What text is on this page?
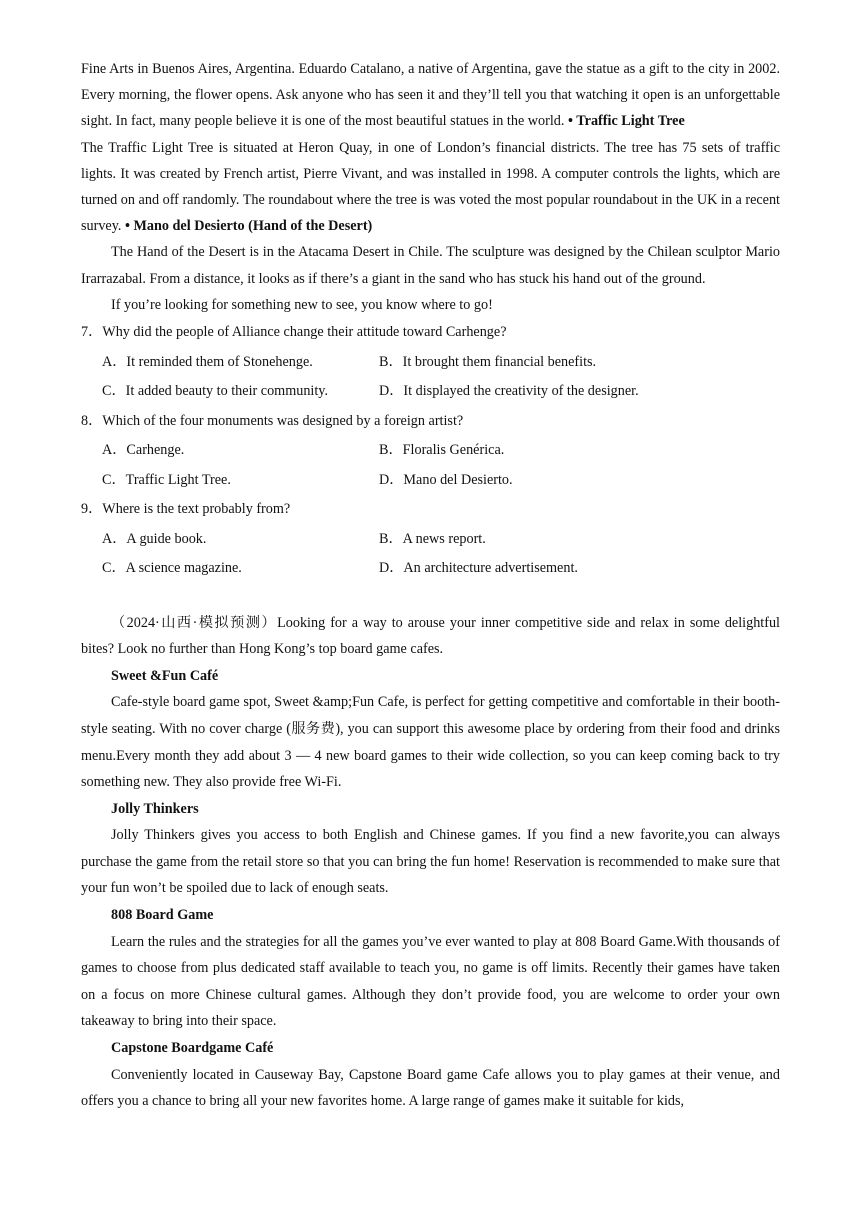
Fine Arts in Buenos Aires, Argentina. Eduardo Catalano, a native of Argentina, gave the statue as a gift to the city in 2002. Every morning, the flower opens. Ask anyone who has seen it and they’ll tell you that watching it open is an unforgettable sight. In fact, many people believe it is one of the most beautiful statues in the world. • Traffic Light Tree

The Traffic Light Tree is situated at Heron Quay, in one of London’s financial districts. The tree has 75 sets of traffic lights. It was created by French artist, Pierre Vivant, and was installed in 1998. A computer controls the lights, which are turned on and off randomly. The roundabout where the tree is was voted the most popular roundabout in the UK in a recent survey. • Mano del Desierto (Hand of the Desert)

The Hand of the Desert is in the Atacama Desert in Chile. The sculpture was designed by the Chilean sculptor Mario Irarrazabal. From a distance, it looks as if there’s a giant in the sand who has stuck his hand out of the ground.

If you’re looking for something new to see, you know where to go!

7．Why did the people of Alliance change their attitude toward Carhenge?

A．It reminded them of Stonehenge.	B．It brought them financial benefits.
C．It added beauty to their community.	D．It displayed the creativity of the designer.

8．Which of the four monuments was designed by a foreign artist?

A．Carhenge.	B．Floralis Genérica.
C．Traffic Light Tree.	D．Mano del Desierto.

9．Where is the text probably from?

A．A guide book.	B．A news report.
C．A science magazine.	D．An architecture advertisement.

（2024·山西·模拟预测）Looking for a way to arouse your inner competitive side and relax in some delightful bites? Look no further than Hong Kong’s top board game cafes.

Sweet &Fun Café

Cafe-style board game spot, Sweet &amp;Fun Cafe, is perfect for getting competitive and comfortable in their booth-style seating. With no cover charge (服务费), you can support this awesome place by ordering from their food and drinks menu.Every month they add about 3 — 4 new board games to their wide collection, so you can keep coming back to try something new. They also provide free Wi-Fi.

Jolly Thinkers

Jolly Thinkers gives you access to both English and Chinese games. If you find a new favorite,you can always purchase the game from the retail store so that you can bring the fun home! Reservation is recommended to make sure that your fun won’t be spoiled due to lack of enough seats.

808 Board Game

Learn the rules and the strategies for all the games you’ve ever wanted to play at 808 Board Game.With thousands of games to choose from plus dedicated staff available to teach you, no game is off limits. Recently their games have taken on a focus on more Chinese cultural games. Although they don’t provide food, you are welcome to order your own takeaway to bring into their space.

Capstone Boardgame Café

Conveniently located in Causeway Bay, Capstone Board game Cafe allows you to play games at their venue, and offers you a chance to bring all your new favorites home. A large range of games make it suitable for kids,
